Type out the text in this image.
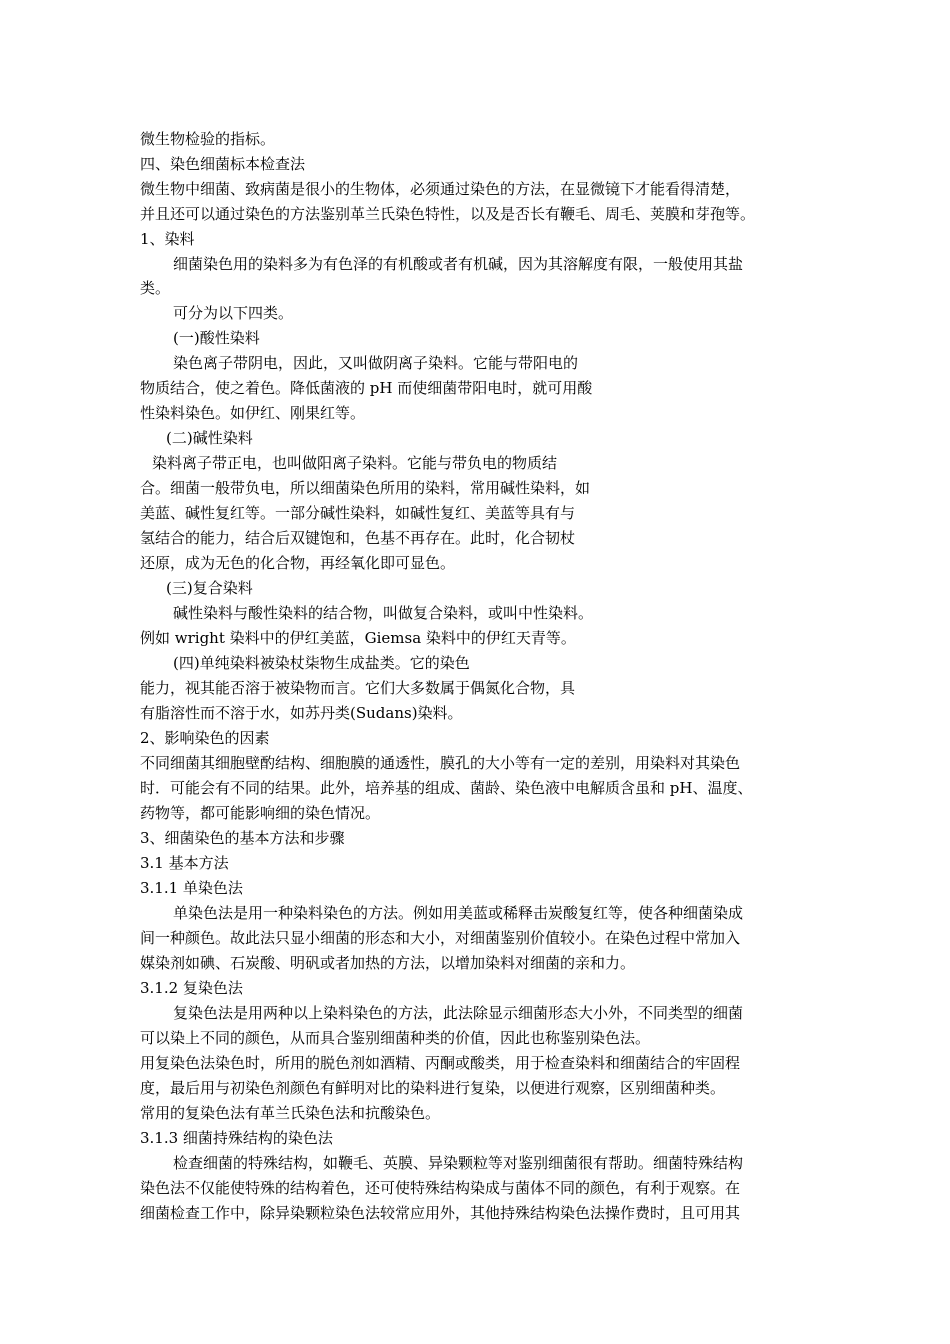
微生物检验的指标。
四、染色细菌标本检查法
微生物中细菌、致病菌是很小的生物体，必须通过染色的方法，在显微镜下才能看得清楚，
并且还可以通过染色的方法鉴别革兰氏染色特性，以及是否长有鞭毛、周毛、荚膜和芽孢等。
1、染料
细菌染色用的染料多为有色泽的有机酸或者有机碱，因为其溶解度有限，一般使用其盐
类。
可分为以下四类。
(一)酸性染料
染色离子带阴电，因此，又叫做阴离子染料。它能与带阳电的
物质结合，使之着色。降低菌液的 pH 而使细菌带阳电时，就可用酸
性染料染色。如伊红、刚果红等。
(二)碱性染料
染料离子带正电，也叫做阳离子染料。它能与带负电的物质结
合。细菌一般带负电，所以细菌染色所用的染料，常用碱性染料，如
美蓝、碱性复红等。一部分碱性染料，如碱性复红、美蓝等具有与
氢结合的能力，结合后双键饱和，色基不再存在。此时，化合韧杖
还原，成为无色的化合物，再经氧化即可显色。
(三)复合染料
碱性染料与酸性染料的结合物，叫做复合染料，或叫中性染料。
例如 wright 染料中的伊红美蓝，Giemsa 染料中的伊红天青等。
(四)单纯染料被染杖柒物生成盐类。它的染色
能力，视其能否溶于被染物而言。它们大多数属于偶氮化合物，具
有脂溶性而不溶于水，如苏丹类(Sudans)染料。
2、影响染色的因素
不同细菌其细胞壁酌结构、细胞膜的通透性，膜孔的大小等有一定的差别，用染料对其染色
时．可能会有不同的结果。此外，培养基的组成、菌龄、染色液中电解质含虽和 pH、温度、
药物等，都可能影响细的染色情况。
3、细菌染色的基本方法和步骤
3.1 基本方法
3.1.1 单染色法
单染色法是用一种染料染色的方法。例如用美蓝或稀释击炭酸复红等，使各种细菌染成
间一种颜色。故此法只显小细菌的形态和大小，对细菌鉴别价值较小。在染色过程中常加入
媒染剂如碘、石炭酸、明矾或者加热的方法，以增加染料对细菌的亲和力。
3.1.2 复染色法
复染色法是用两种以上染料染色的方法，此法除显示细菌形态大小外，不同类型的细菌
可以染上不同的颜色，从而具合鉴别细菌种类的价值，因此也称鉴别染色法。
用复染色法染色时，所用的脱色剂如酒精、丙酮或酸类，用于检查染料和细菌结合的牢固程
度，最后用与初染色剂颜色有鲜明对比的染料进行复染，以便进行观察，区别细菌种类。
常用的复染色法有革兰氏染色法和抗酸染色。
3.1.3 细菌持殊结构的染色法
检查细菌的特殊结构，如鞭毛、英膜、异染颗粒等对鉴别细菌很有帮助。细菌特殊结构
染色法不仅能使特殊的结构着色，还可使特殊结构染成与菌体不同的颜色，有利于观察。在
细菌检查工作中，除异染颗粒染色法较常应用外，其他持殊结构染色法操作费时，且可用其
